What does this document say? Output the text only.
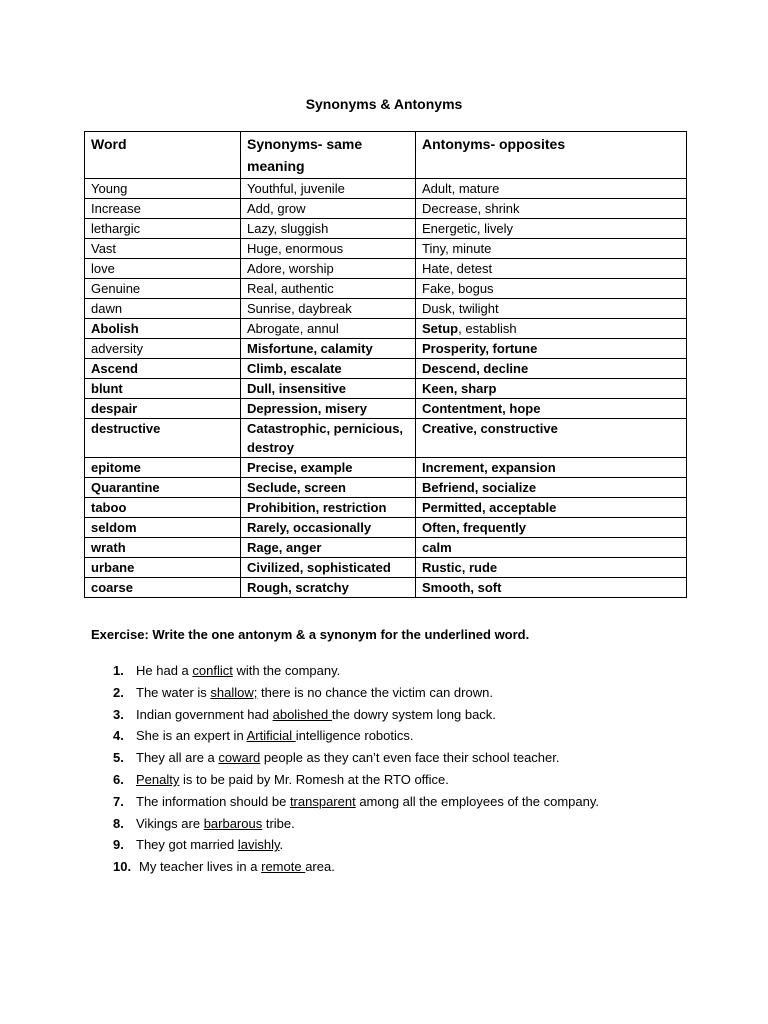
Synonyms & Antonyms
Word	Synonyms- same meaning	Antonyms- opposites
Young	Youthful, juvenile	Adult, mature
Increase	Add, grow	Decrease, shrink
lethargic	Lazy, sluggish	Energetic, lively
Vast	Huge, enormous	Tiny, minute
love	Adore, worship	Hate, detest
Genuine	Real, authentic	Fake, bogus
dawn	Sunrise, daybreak	Dusk, twilight
Abolish	Abrogate, annul	Setup, establish
adversity	Misfortune, calamity	Prosperity, fortune
Ascend	Climb, escalate	Descend, decline
blunt	Dull, insensitive	Keen, sharp
despair	Depression, misery	Contentment, hope
destructive	Catastrophic, pernicious, destroy	Creative, constructive
epitome	Precise, example	Increment, expansion
Quarantine	Seclude, screen	Befriend, socialize
taboo	Prohibition, restriction	Permitted, acceptable
seldom	Rarely, occasionally	Often, frequently
wrath	Rage, anger	calm
urbane	Civilized, sophisticated	Rustic, rude
coarse	Rough, scratchy	Smooth, soft
Exercise: Write the one antonym & a synonym for the underlined word.
1. He had a conflict with the company.
2. The water is shallow; there is no chance the victim can drown.
3. Indian government had abolished the dowry system long back.
4. She is an expert in Artificial intelligence robotics.
5. They all are a coward people as they can’t even face their school teacher.
6. Penalty is to be paid by Mr. Romesh at the RTO office.
7. The information should be transparent among all the employees of the company.
8. Vikings are barbarous tribe.
9. They got married lavishly.
10. My teacher lives in a remote area.
